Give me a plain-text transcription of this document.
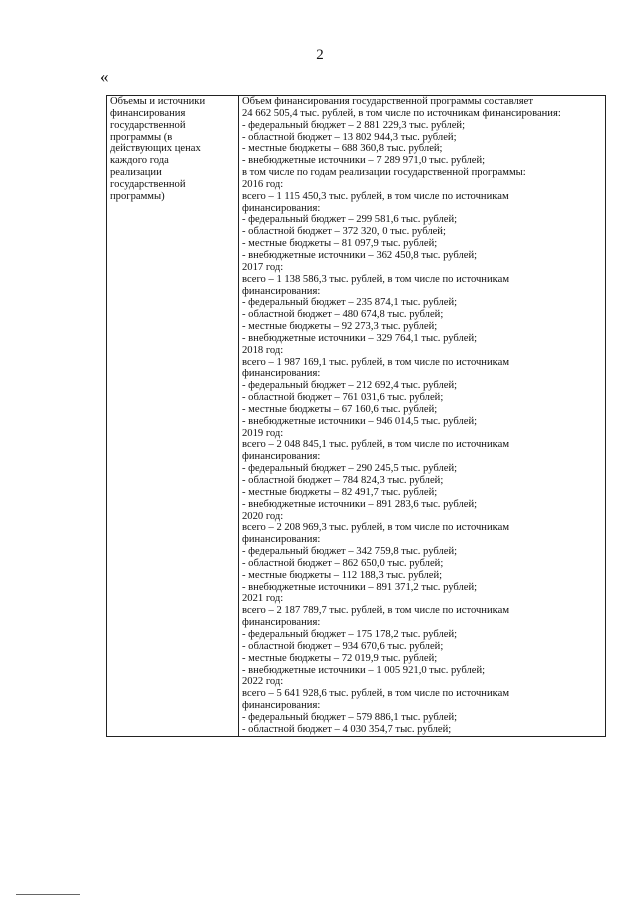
2
«
Объемы и источники
финансирования
государственной
программы (в
действующих ценах
каждого года
реализации
государственной
программы)

Объем финансирования государственной программы составляет
24 662 505,4 тыс. рублей, в том числе по источникам финансирования:
- федеральный бюджет – 2 881 229,3 тыс. рублей;
- областной бюджет – 13 802 944,3 тыс. рублей;
- местные бюджеты – 688 360,8 тыс. рублей;
- внебюджетные источники – 7 289 971,0 тыс. рублей;
в том числе по годам реализации государственной программы:
2016 год:
всего – 1 115 450,3 тыс. рублей, в том числе по источникам
финансирования:
- федеральный бюджет – 299 581,6 тыс. рублей;
- областной бюджет – 372 320, 0 тыс. рублей;
- местные бюджеты – 81 097,9 тыс. рублей;
- внебюджетные источники – 362 450,8 тыс. рублей;
2017 год:
всего – 1 138 586,3 тыс. рублей, в том числе по источникам
финансирования:
- федеральный бюджет – 235 874,1 тыс. рублей;
- областной бюджет – 480 674,8 тыс. рублей;
- местные бюджеты – 92 273,3 тыс. рублей;
- внебюджетные источники – 329 764,1 тыс. рублей;
2018 год:
всего – 1 987 169,1 тыс. рублей, в том числе по источникам
финансирования:
- федеральный бюджет – 212 692,4 тыс. рублей;
- областной бюджет – 761 031,6 тыс. рублей;
- местные бюджеты – 67 160,6 тыс. рублей;
- внебюджетные источники – 946 014,5 тыс. рублей;
2019 год:
всего – 2 048 845,1 тыс. рублей, в том числе по источникам
финансирования:
- федеральный бюджет – 290 245,5 тыс. рублей;
- областной бюджет – 784 824,3 тыс. рублей;
- местные бюджеты – 82 491,7 тыс. рублей;
- внебюджетные источники – 891 283,6 тыс. рублей;
2020 год:
всего – 2 208 969,3 тыс. рублей, в том числе по источникам
финансирования:
- федеральный бюджет – 342 759,8 тыс. рублей;
- областной бюджет – 862 650,0 тыс. рублей;
- местные бюджеты – 112 188,3 тыс. рублей;
- внебюджетные источники – 891 371,2 тыс. рублей;
2021 год:
всего – 2 187 789,7 тыс. рублей, в том числе по источникам
финансирования:
- федеральный бюджет – 175 178,2 тыс. рублей;
- областной бюджет – 934 670,6 тыс. рублей;
- местные бюджеты – 72 019,9 тыс. рублей;
- внебюджетные источники – 1 005 921,0 тыс. рублей;
2022 год:
всего – 5 641 928,6 тыс. рублей, в том числе по источникам
финансирования:
- федеральный бюджет – 579 886,1 тыс. рублей;
- областной бюджет – 4 030 354,7 тыс. рублей;
